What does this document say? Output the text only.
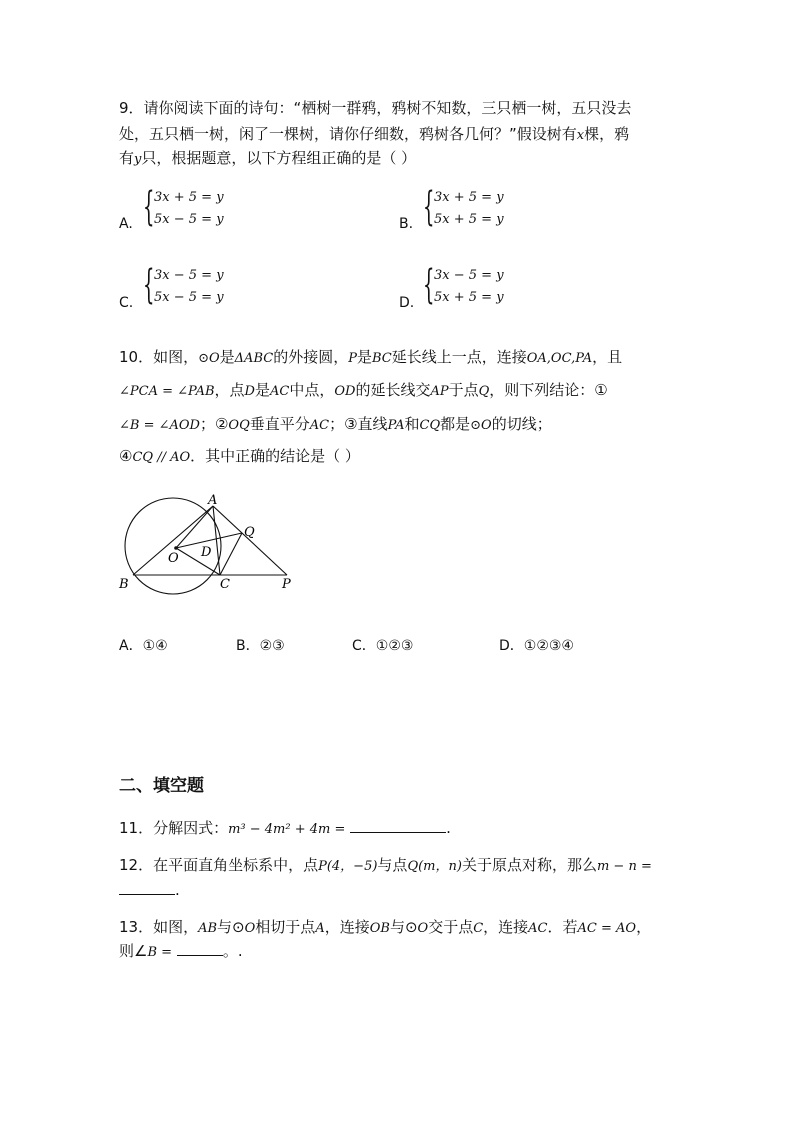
9．请你阅读下面的诗句：“栖树一群鸦，鸦树不知数，三只栖一树，五只没去
处，五只栖一树，闲了一棵树，请你仔细数，鸦树各几何？”假设树有x棵，鸦
有y只，根据题意，以下方程组正确的是（ ）
A. { 3x + 5 = y
5x − 5 = y	B. { 3x + 5 = y
5x + 5 = y
C. { 3x − 5 = y
5x − 5 = y	D. { 3x − 5 = y
5x + 5 = y
10．如图，⊙O是ΔABC的外接圆，P是BC延长线上一点，连接OA,OC,PA，且
∠PCA = ∠PAB，点D是AC中点，OD的延长线交AP于点Q，则下列结论：①
∠B = ∠AOD；②OQ垂直平分AC；③直线PA和CQ都是⊙O的切线；
④CQ // AO．其中正确的结论是（ ）
A
B	C
D
O
P
Q
A．①④	B．②③	C．①②③	D．①②③④
二、填空题
11．分解因式：m³ − 4m² + 4m =	.
12．在平面直角坐标系中，点P(4，−5)与点Q(m，n)关于原点对称，那么m − n =
.
13．如图，AB与⊙O相切于点A，连接OB与⊙O交于点C，连接AC．若AC = AO，
则∠B =	。.
